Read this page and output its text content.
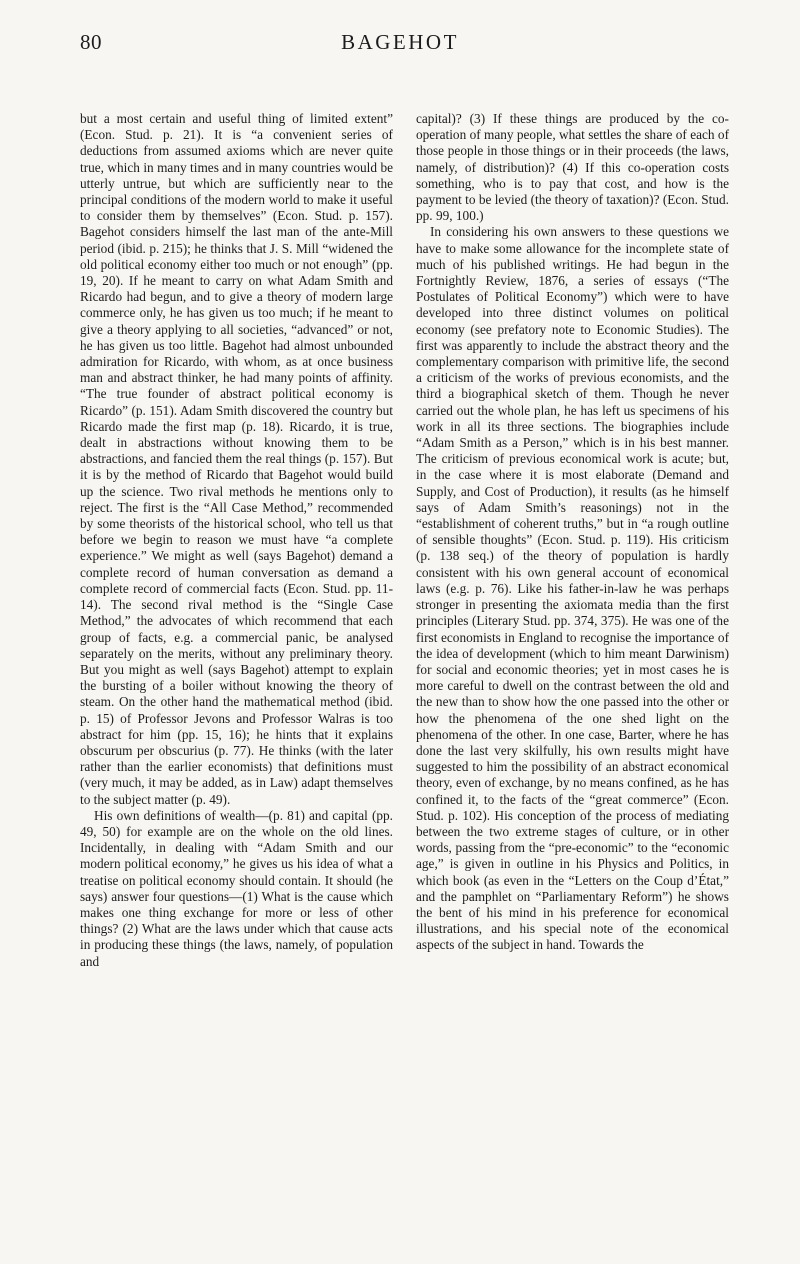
80	BAGEHOT

but a most certain and useful thing of limited extent” (Econ. Stud. p. 21). It is “a convenient series of deductions from assumed axioms which are never quite true, which in many times and in many countries would be utterly untrue, but which are sufficiently near to the principal conditions of the modern world to make it useful to consider them by themselves” (Econ. Stud. p. 157). Bagehot considers himself the last man of the ante-Mill period (ibid. p. 215); he thinks that J. S. Mill “widened the old political economy either too much or not enough” (pp. 19, 20). If he meant to carry on what Adam Smith and Ricardo had begun, and to give a theory of modern large commerce only, he has given us too much; if he meant to give a theory applying to all societies, “advanced” or not, he has given us too little. Bagehot had almost unbounded admiration for Ricardo, with whom, as at once business man and abstract thinker, he had many points of affinity. “The true founder of abstract political economy is Ricardo” (p. 151). Adam Smith discovered the country but Ricardo made the first map (p. 18). Ricardo, it is true, dealt in abstractions without knowing them to be abstractions, and fancied them the real things (p. 157). But it is by the method of Ricardo that Bagehot would build up the science. Two rival methods he mentions only to reject. The first is the “All Case Method,” recommended by some theorists of the historical school, who tell us that before we begin to reason we must have “a complete experience.” We might as well (says Bagehot) demand a complete record of human conversation as demand a complete record of commercial facts (Econ. Stud. pp. 11-14). The second rival method is the “Single Case Method,” the advocates of which recommend that each group of facts, e.g. a commercial panic, be analysed separately on the merits, without any preliminary theory. But you might as well (says Bagehot) attempt to explain the bursting of a boiler without knowing the theory of steam. On the other hand the mathematical method (ibid. p. 15) of Professor Jevons and Professor Walras is too abstract for him (pp. 15, 16); he hints that it explains obscurum per obscurius (p. 77). He thinks (with the later rather than the earlier economists) that definitions must (very much, it may be added, as in Law) adapt themselves to the subject matter (p. 49).

His own definitions of wealth—(p. 81) and capital (pp. 49, 50) for example are on the whole on the old lines. Incidentally, in dealing with “Adam Smith and our modern political economy,” he gives us his idea of what a treatise on political economy should contain. It should (he says) answer four questions—(1) What is the cause which makes one thing exchange for more or less of other things? (2) What are the laws under which that cause acts in producing these things (the laws, namely, of population and

capital)? (3) If these things are produced by the co-operation of many people, what settles the share of each of those people in those things or in their proceeds (the laws, namely, of distribution)? (4) If this co-operation costs something, who is to pay that cost, and how is the payment to be levied (the theory of taxation)? (Econ. Stud. pp. 99, 100.)

In considering his own answers to these questions we have to make some allowance for the incomplete state of much of his published writings. He had begun in the Fortnightly Review, 1876, a series of essays (“The Postulates of Political Economy”) which were to have developed into three distinct volumes on political economy (see prefatory note to Economic Studies). The first was apparently to include the abstract theory and the complementary comparison with primitive life, the second a criticism of the works of previous economists, and the third a biographical sketch of them. Though he never carried out the whole plan, he has left us specimens of his work in all its three sections. The biographies include “Adam Smith as a Person,” which is in his best manner. The criticism of previous economical work is acute; but, in the case where it is most elaborate (Demand and Supply, and Cost of Production), it results (as he himself says of Adam Smith’s reasonings) not in the “establishment of coherent truths,” but in “a rough outline of sensible thoughts” (Econ. Stud. p. 119). His criticism (p. 138 seq.) of the theory of population is hardly consistent with his own general account of economical laws (e.g. p. 76). Like his father-in-law he was perhaps stronger in presenting the axiomata media than the first principles (Literary Stud. pp. 374, 375). He was one of the first economists in England to recognise the importance of the idea of development (which to him meant Darwinism) for social and economic theories; yet in most cases he is more careful to dwell on the contrast between the old and the new than to show how the one passed into the other or how the phenomena of the one shed light on the phenomena of the other. In one case, Barter, where he has done the last very skilfully, his own results might have suggested to him the possibility of an abstract economical theory, even of exchange, by no means confined, as he has confined it, to the facts of the “great commerce” (Econ. Stud. p. 102). His conception of the process of mediating between the two extreme stages of culture, or in other words, passing from the “pre-economic” to the “economic age,” is given in outline in his Physics and Politics, in which book (as even in the “Letters on the Coup d’État,” and the pamphlet on “Parliamentary Reform”) he shows the bent of his mind in his preference for economical illustrations, and his special note of the economical aspects of the subject in hand. Towards the
